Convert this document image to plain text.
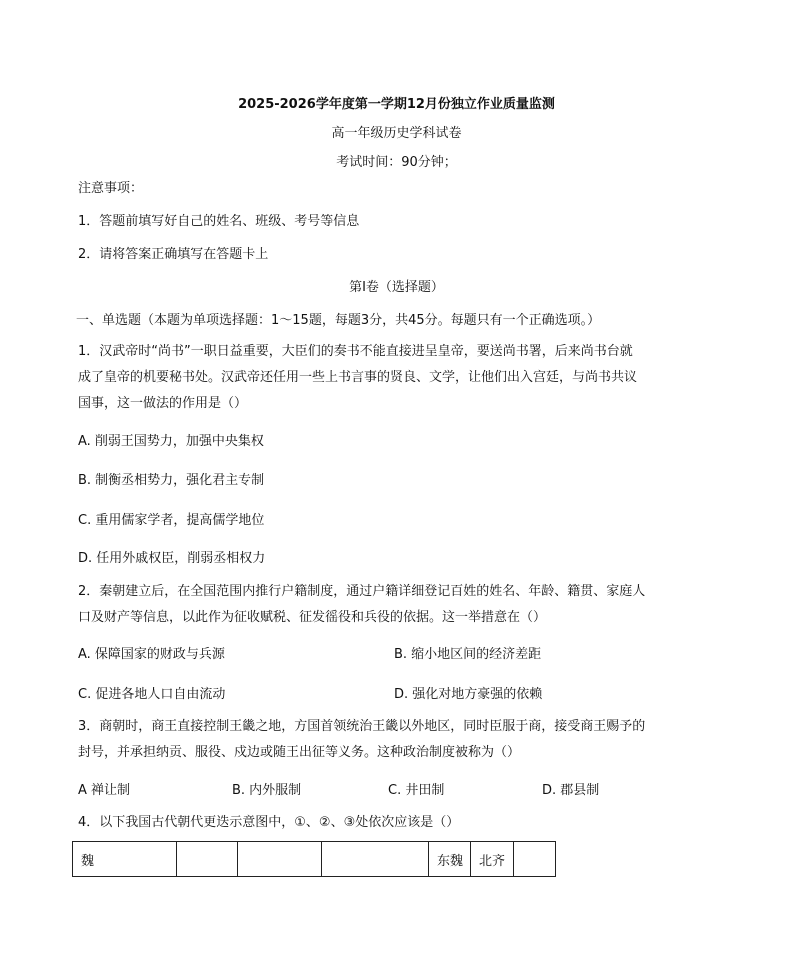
2025-2026学年度第一学期12月份独立作业质量监测
高一年级历史学科试卷
考试时间：90分钟；
注意事项：
1．答题前填写好自己的姓名、班级、考号等信息
2．请将答案正确填写在答题卡上
第I卷（选择题）
一、单选题（本题为单项选择题：1～15题，每题3分，共45分。每题只有一个正确选项。）
1．汉武帝时“尚书”一职日益重要，大臣们的奏书不能直接进呈皇帝，要送尚书署，后来尚书台就
成了皇帝的机要秘书处。汉武帝还任用一些上书言事的贤良、文学，让他们出入宫廷，与尚书共议
国事，这一做法的作用是（）
A. 削弱王国势力，加强中央集权
B. 制衡丞相势力，强化君主专制
C. 重用儒家学者，提高儒学地位
D. 任用外戚权臣，削弱丞相权力
2．秦朝建立后，在全国范围内推行户籍制度，通过户籍详细登记百姓的姓名、年龄、籍贯、家庭人
口及财产等信息，以此作为征收赋税、征发徭役和兵役的依据。这一举措意在（）
A. 保障国家的财政与兵源	B. 缩小地区间的经济差距
C. 促进各地人口自由流动	D. 强化对地方豪强的依赖
3．商朝时，商王直接控制王畿之地，方国首领统治王畿以外地区，同时臣服于商，接受商王赐予的
封号，并承担纳贡、服役、戍边或随王出征等义务。这种政治制度被称为（）
A 禅让制	B. 内外服制	C. 井田制	D. 郡县制
4．以下我国古代朝代更迭示意图中，①、②、③处依次应该是（）
魏				东魏	北齐	
